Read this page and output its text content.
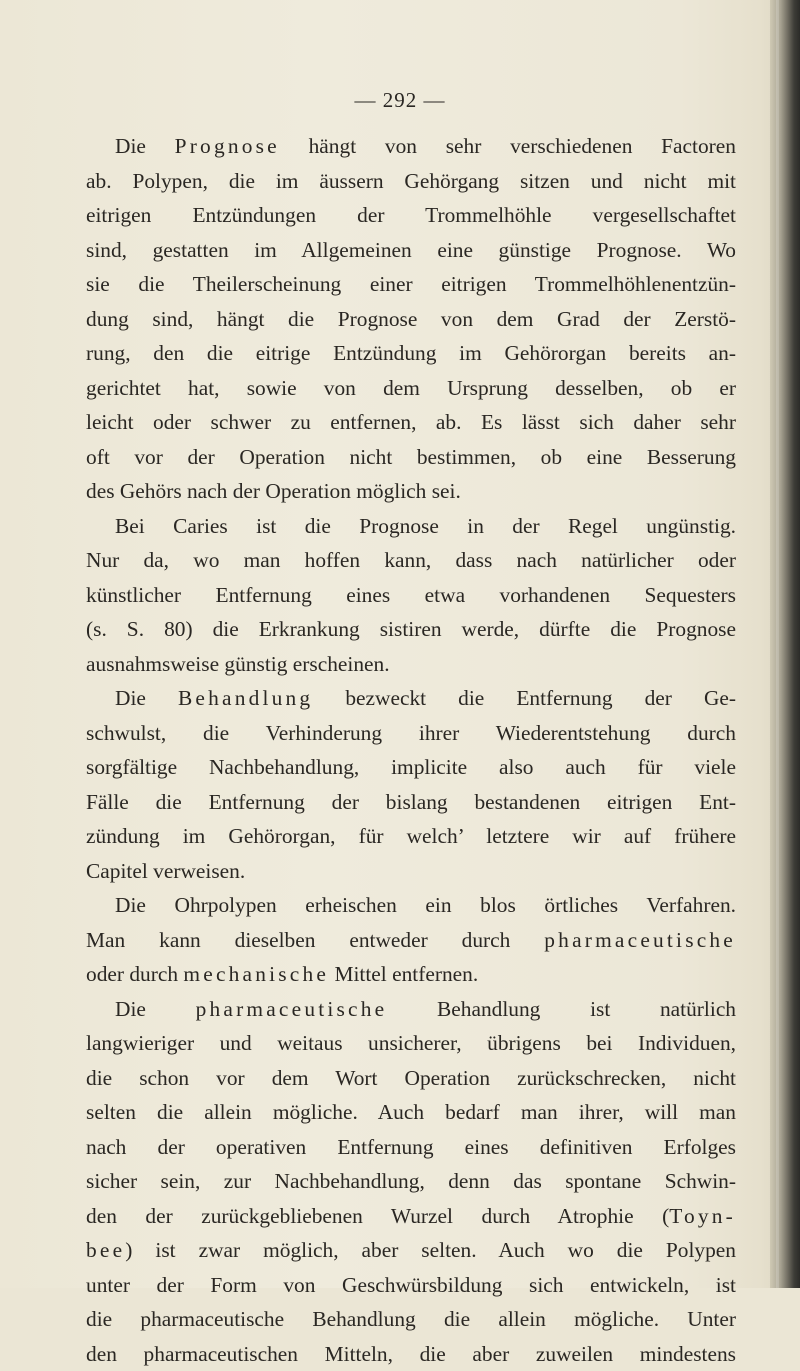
— 292 —
Die Prognose hängt von sehr verschiedenen Factoren
ab. Polypen, die im äussern Gehörgang sitzen und nicht mit
eitrigen Entzündungen der Trommelhöhle vergesellschaftet
sind, gestatten im Allgemeinen eine günstige Prognose. Wo
sie die Theilerscheinung einer eitrigen Trommelhöhlenentzün-
dung sind, hängt die Prognose von dem Grad der Zerstö-
rung, den die eitrige Entzündung im Gehörorgan bereits an-
gerichtet hat, sowie von dem Ursprung desselben, ob er
leicht oder schwer zu entfernen, ab. Es lässt sich daher sehr
oft vor der Operation nicht bestimmen, ob eine Besserung
des Gehörs nach der Operation möglich sei.
Bei Caries ist die Prognose in der Regel ungünstig.
Nur da, wo man hoffen kann, dass nach natürlicher oder
künstlicher Entfernung eines etwa vorhandenen Sequesters
(s. S. 80) die Erkrankung sistiren werde, dürfte die Prognose
ausnahmsweise günstig erscheinen.
Die Behandlung bezweckt die Entfernung der Ge-
schwulst, die Verhinderung ihrer Wiederentstehung durch
sorgfältige Nachbehandlung, implicite also auch für viele
Fälle die Entfernung der bislang bestandenen eitrigen Ent-
zündung im Gehörorgan, für welch’ letztere wir auf frühere
Capitel verweisen.
Die Ohrpolypen erheischen ein blos örtliches Verfahren.
Man kann dieselben entweder durch pharmaceutische
oder durch mechanische Mittel entfernen.
Die pharmaceutische Behandlung ist natürlich
langwieriger und weitaus unsicherer, übrigens bei Individuen,
die schon vor dem Wort Operation zurückschrecken, nicht
selten die allein mögliche. Auch bedarf man ihrer, will man
nach der operativen Entfernung eines definitiven Erfolges
sicher sein, zur Nachbehandlung, denn das spontane Schwin-
den der zurückgebliebenen Wurzel durch Atrophie (Toyn-
bee) ist zwar möglich, aber selten. Auch wo die Polypen
unter der Form von Geschwürsbildung sich entwickeln, ist
die pharmaceutische Behandlung die allein mögliche. Unter
den pharmaceutischen Mitteln, die aber zuweilen mindestens
